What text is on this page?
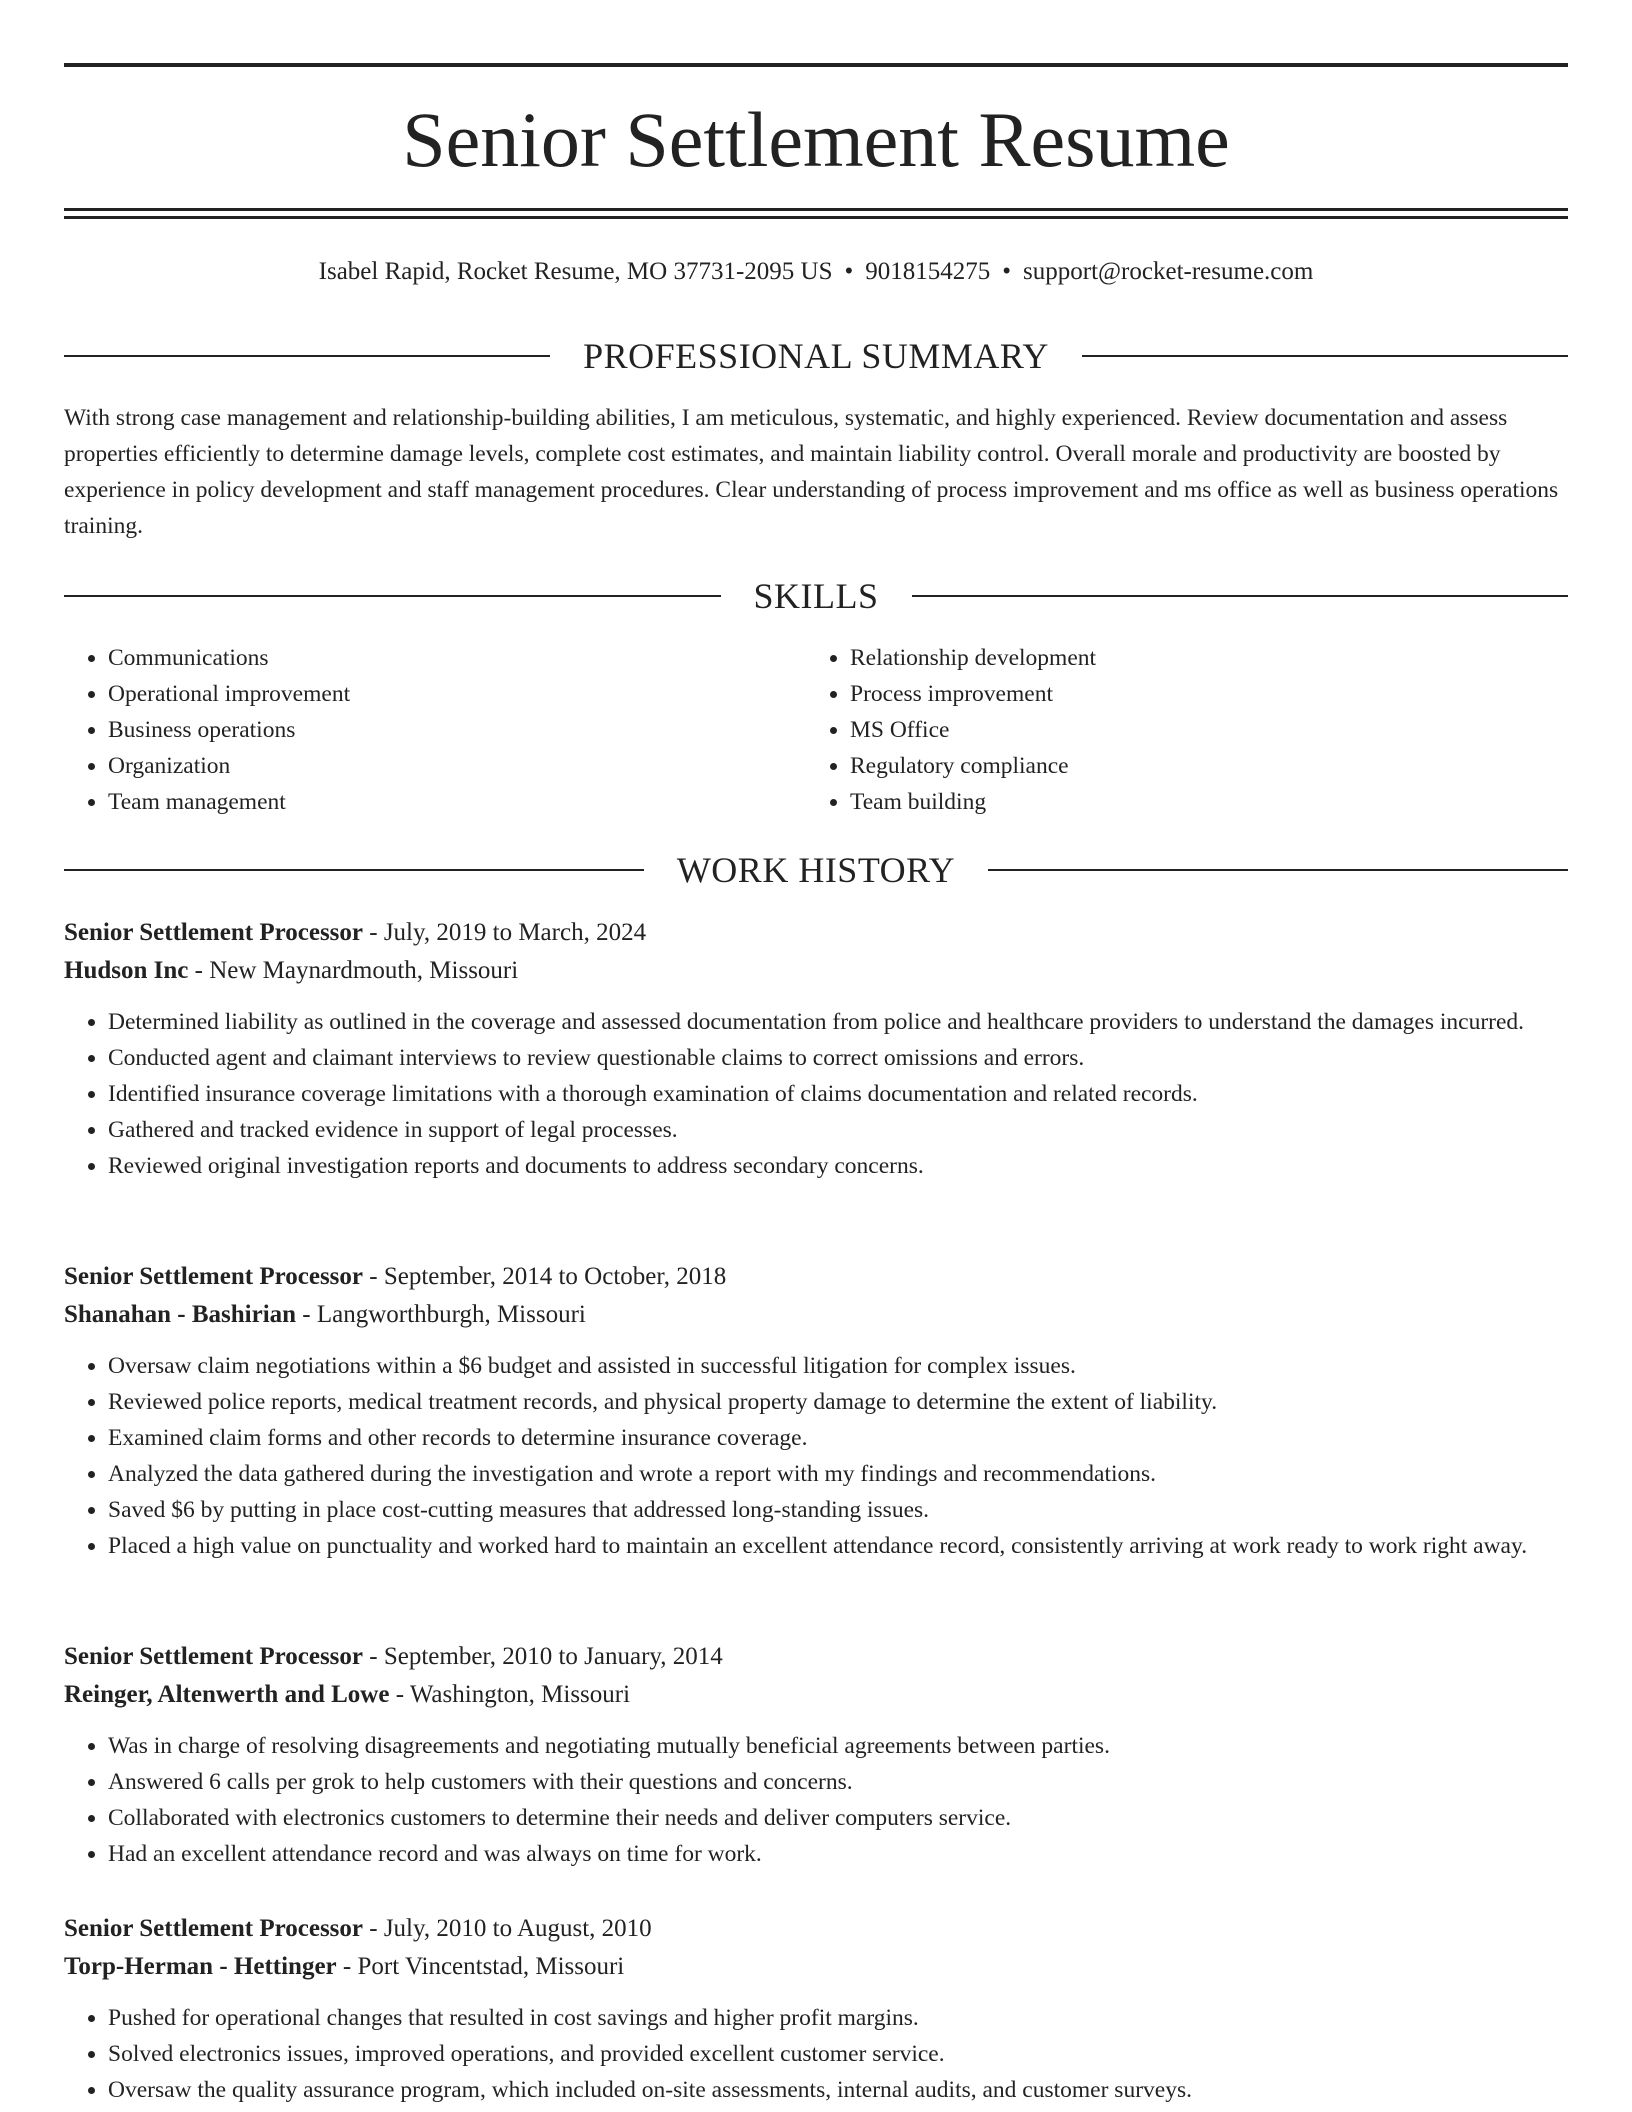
Senior Settlement Resume
Isabel Rapid, Rocket Resume, MO 37731-2095 US • 9018154275 • support@rocket-resume.com
PROFESSIONAL SUMMARY

With strong case management and relationship-building abilities, I am meticulous, systematic, and highly experienced. Review documentation and assess properties efficiently to determine damage levels, complete cost estimates, and maintain liability control. Overall morale and productivity are boosted by experience in policy development and staff management procedures. Clear understanding of process improvement and ms office as well as business operations training.

SKILLS
• Communications
• Operational improvement
• Business operations
• Organization
• Team management
• Relationship development
• Process improvement
• MS Office
• Regulatory compliance
• Team building
WORK HISTORY

Senior Settlement Processor - July, 2019 to March, 2024

Hudson Inc - New Maynardmouth, Missouri

• Determined liability as outlined in the coverage and assessed documentation from police and healthcare providers to understand the damages incurred.
• Conducted agent and claimant interviews to review questionable claims to correct omissions and errors.
• Identified insurance coverage limitations with a thorough examination of claims documentation and related records.
• Gathered and tracked evidence in support of legal processes.
• Reviewed original investigation reports and documents to address secondary concerns.

Senior Settlement Processor - September, 2014 to October, 2018

Shanahan - Bashirian - Langworthburgh, Missouri

• Oversaw claim negotiations within a $6 budget and assisted in successful litigation for complex issues.
• Reviewed police reports, medical treatment records, and physical property damage to determine the extent of liability.
• Examined claim forms and other records to determine insurance coverage.
• Analyzed the data gathered during the investigation and wrote a report with my findings and recommendations.
• Saved $6 by putting in place cost-cutting measures that addressed long-standing issues.
• Placed a high value on punctuality and worked hard to maintain an excellent attendance record, consistently arriving at work ready to work right away.

Senior Settlement Processor - September, 2010 to January, 2014

Reinger, Altenwerth and Lowe - Washington, Missouri

• Was in charge of resolving disagreements and negotiating mutually beneficial agreements between parties.
• Answered 6 calls per grok to help customers with their questions and concerns.
• Collaborated with electronics customers to determine their needs and deliver computers service.
• Had an excellent attendance record and was always on time for work.

Senior Settlement Processor - July, 2010 to August, 2010

Torp-Herman - Hettinger - Port Vincentstad, Missouri

• Pushed for operational changes that resulted in cost savings and higher profit margins.
• Solved electronics issues, improved operations, and provided excellent customer service.
• Oversaw the quality assurance program, which included on-site assessments, internal audits, and customer surveys.
